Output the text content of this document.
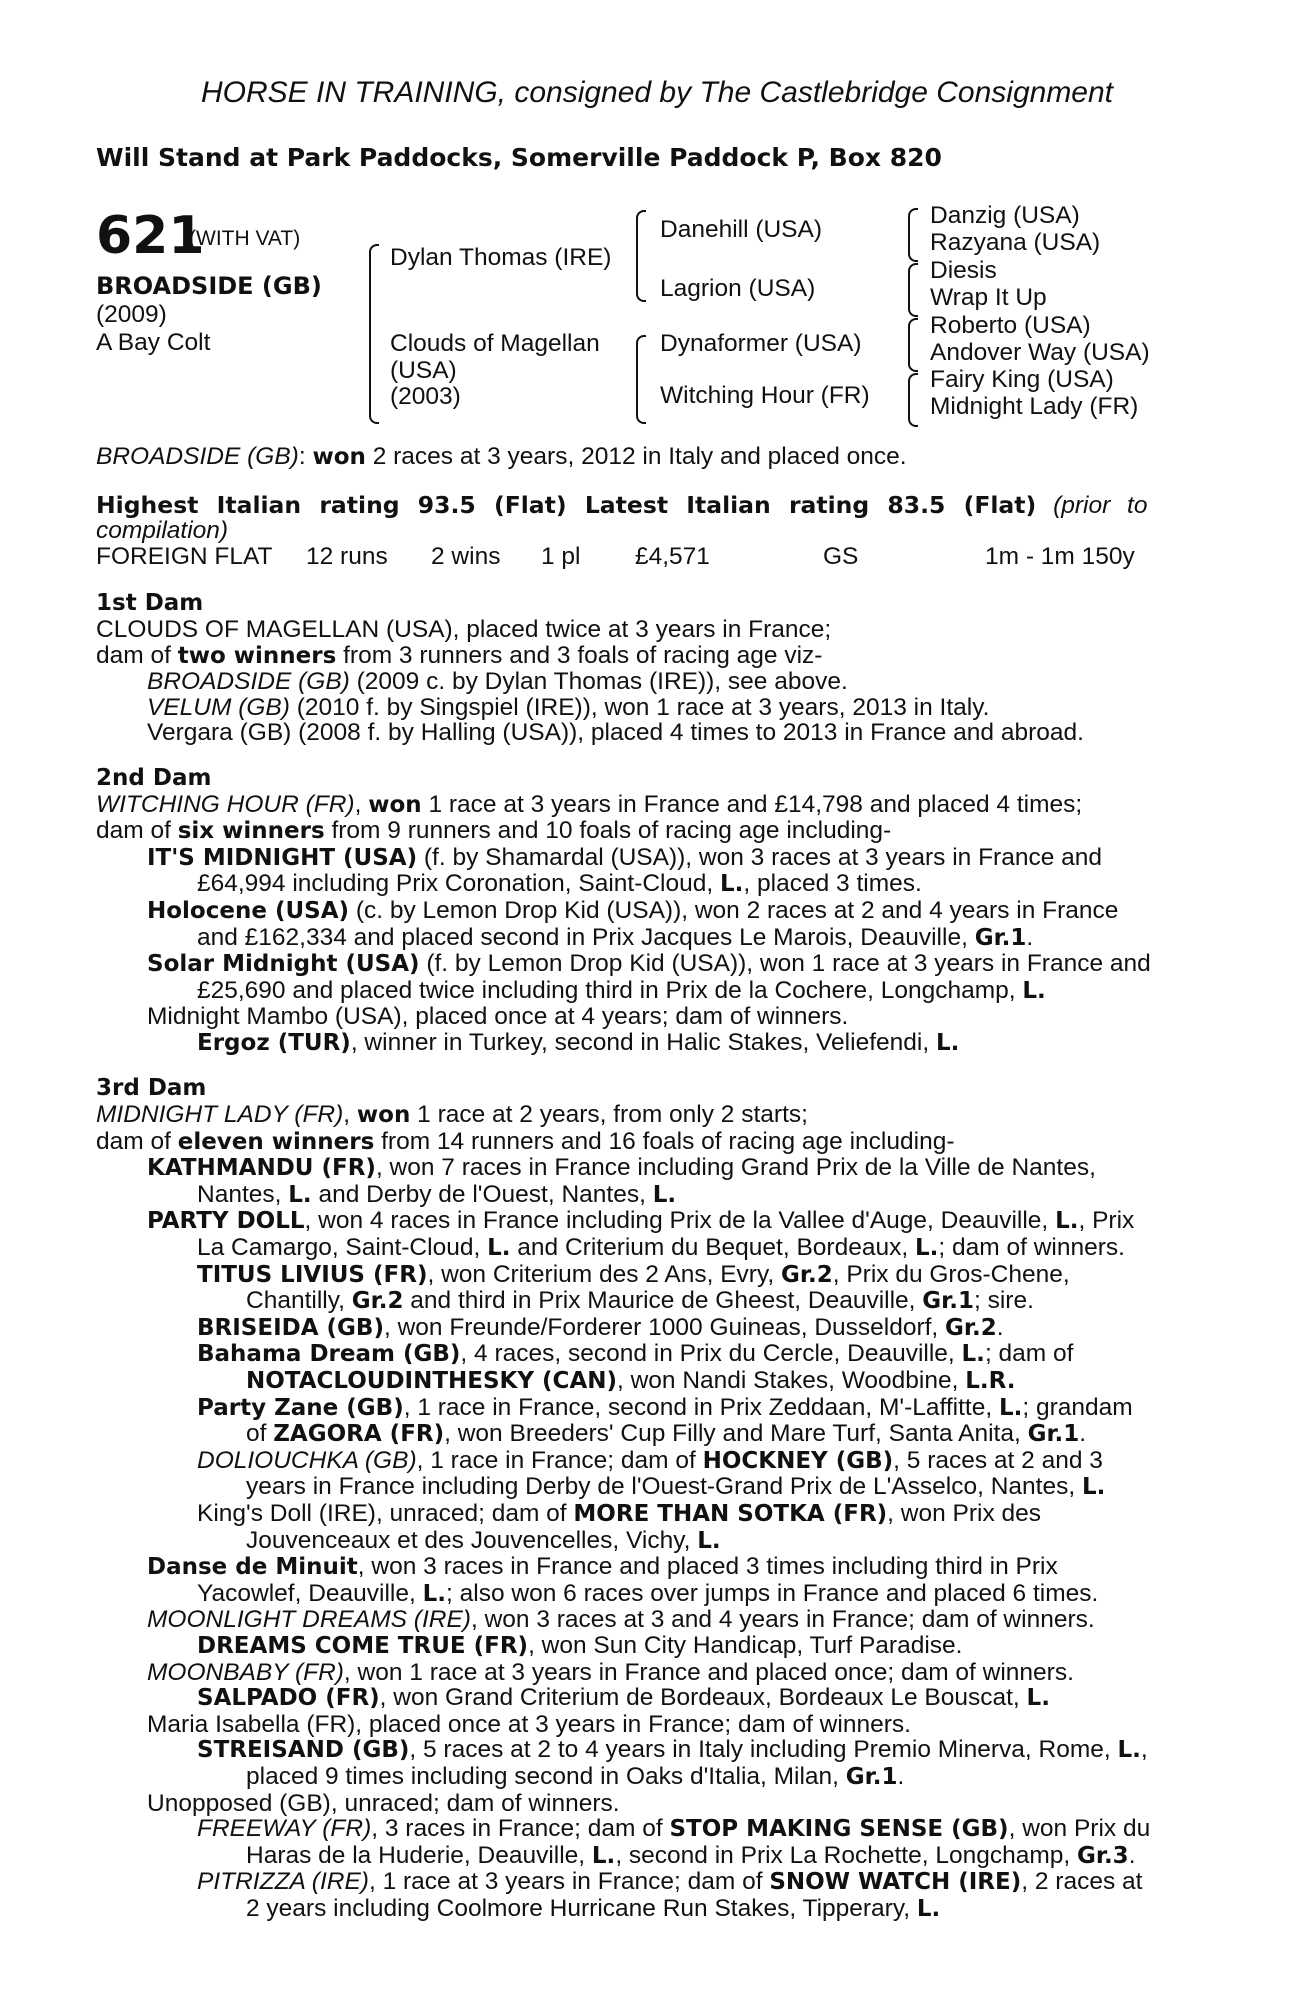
HORSE IN TRAINING, consigned by The Castlebridge Consignment
Will Stand at Park Paddocks, Somerville Paddock P, Box 820
621
(WITH VAT)
BROADSIDE (GB)
(2009)
A Bay Colt
Dylan Thomas (IRE)
Clouds of Magellan
(USA)
(2003)
Danehill (USA)
Lagrion (USA)
Dynaformer (USA)
Witching Hour (FR)
Danzig (USA)
Razyana (USA)
Diesis
Wrap It Up
Roberto (USA)
Andover Way (USA)
Fairy King (USA)
Midnight Lady (FR)

BROADSIDE (GB): won 2 races at 3 years, 2012 in Italy and placed once.

Highest Italian rating 93.5 (Flat) Latest Italian rating 83.5 (Flat) (prior to

compilation)

FOREIGN FLAT 12 runs 2 wins 1 pl £4,571	GS	1m - 1m 150y

1st Dam

CLOUDS OF MAGELLAN (USA), placed twice at 3 years in France;

dam of two winners from 3 runners and 3 foals of racing age viz-

BROADSIDE (GB) (2009 c. by Dylan Thomas (IRE)), see above.

VELUM (GB) (2010 f. by Singspiel (IRE)), won 1 race at 3 years, 2013 in Italy.

Vergara (GB) (2008 f. by Halling (USA)), placed 4 times to 2013 in France and abroad.

2nd Dam

WITCHING HOUR (FR), won 1 race at 3 years in France and £14,798 and placed 4 times;

dam of six winners from 9 runners and 10 foals of racing age including-

IT'S MIDNIGHT (USA) (f. by Shamardal (USA)), won 3 races at 3 years in France and

£64,994 including Prix Coronation, Saint-Cloud, L., placed 3 times.

Holocene (USA) (c. by Lemon Drop Kid (USA)), won 2 races at 2 and 4 years in France

and £162,334 and placed second in Prix Jacques Le Marois, Deauville, Gr.1.

Solar Midnight (USA) (f. by Lemon Drop Kid (USA)), won 1 race at 3 years in France and

£25,690 and placed twice including third in Prix de la Cochere, Longchamp, L.

Midnight Mambo (USA), placed once at 4 years; dam of winners.

Ergoz (TUR), winner in Turkey, second in Halic Stakes, Veliefendi, L.

3rd Dam

MIDNIGHT LADY (FR), won 1 race at 2 years, from only 2 starts;

dam of eleven winners from 14 runners and 16 foals of racing age including-

KATHMANDU (FR), won 7 races in France including Grand Prix de la Ville de Nantes,

Nantes, L. and Derby de l'Ouest, Nantes, L.

PARTY DOLL, won 4 races in France including Prix de la Vallee d'Auge, Deauville, L., Prix

La Camargo, Saint-Cloud, L. and Criterium du Bequet, Bordeaux, L.; dam of winners.

TITUS LIVIUS (FR), won Criterium des 2 Ans, Evry, Gr.2, Prix du Gros-Chene,

Chantilly, Gr.2 and third in Prix Maurice de Gheest, Deauville, Gr.1; sire.

BRISEIDA (GB), won Freunde/Forderer 1000 Guineas, Dusseldorf, Gr.2.

Bahama Dream (GB), 4 races, second in Prix du Cercle, Deauville, L.; dam of

NOTACLOUDINTHESKY (CAN), won Nandi Stakes, Woodbine, L.R.

Party Zane (GB), 1 race in France, second in Prix Zeddaan, M'-Laffitte, L.; grandam

of ZAGORA (FR), won Breeders' Cup Filly and Mare Turf, Santa Anita, Gr.1.

DOLIOUCHKA (GB), 1 race in France; dam of HOCKNEY (GB), 5 races at 2 and 3

years in France including Derby de l'Ouest-Grand Prix de L'Asselco, Nantes, L.

King's Doll (IRE), unraced; dam of MORE THAN SOTKA (FR), won Prix des

Jouvenceaux et des Jouvencelles, Vichy, L.

Danse de Minuit, won 3 races in France and placed 3 times including third in Prix

Yacowlef, Deauville, L.; also won 6 races over jumps in France and placed 6 times.

MOONLIGHT DREAMS (IRE), won 3 races at 3 and 4 years in France; dam of winners.

DREAMS COME TRUE (FR), won Sun City Handicap, Turf Paradise.

MOONBABY (FR), won 1 race at 3 years in France and placed once; dam of winners.

SALPADO (FR), won Grand Criterium de Bordeaux, Bordeaux Le Bouscat, L.

Maria Isabella (FR), placed once at 3 years in France; dam of winners.

STREISAND (GB), 5 races at 2 to 4 years in Italy including Premio Minerva, Rome, L.,

placed 9 times including second in Oaks d'Italia, Milan, Gr.1.

Unopposed (GB), unraced; dam of winners.

FREEWAY (FR), 3 races in France; dam of STOP MAKING SENSE (GB), won Prix du

Haras de la Huderie, Deauville, L., second in Prix La Rochette, Longchamp, Gr.3.

PITRIZZA (IRE), 1 race at 3 years in France; dam of SNOW WATCH (IRE), 2 races at

2 years including Coolmore Hurricane Run Stakes, Tipperary, L.
